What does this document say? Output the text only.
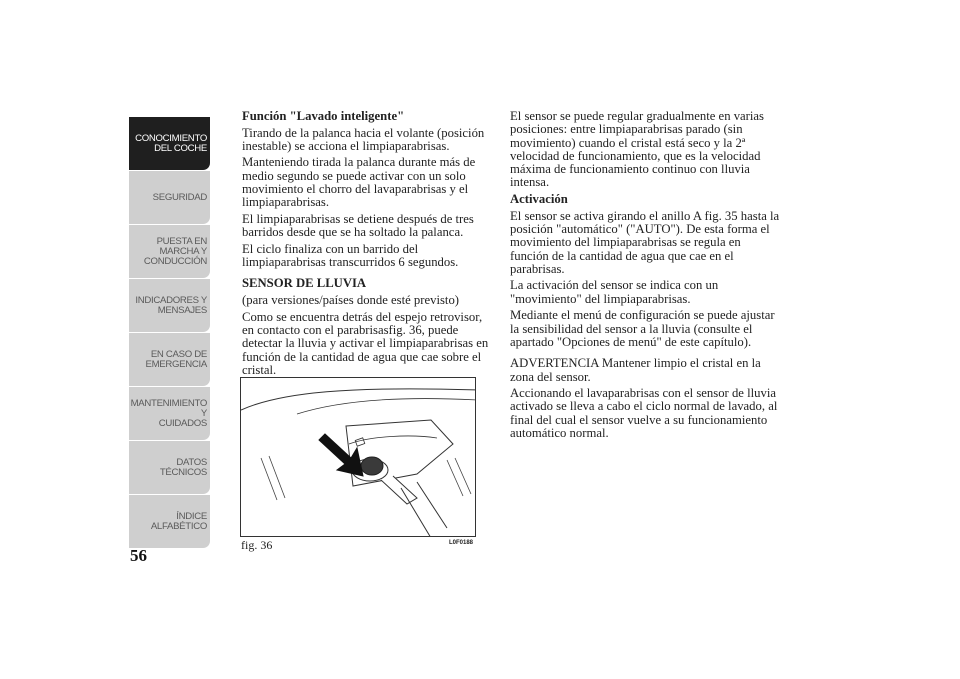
CONOCIMIENTO
DEL COCHE
SEGURIDAD
PUESTA EN
MARCHA Y
CONDUCCIÓN
INDICADORES Y
MENSAJES
EN CASO DE
EMERGENCIA
MANTENIMIENTO Y
CUIDADOS
DATOS TÉCNICOS
ÍNDICE
ALFABÉTICO
56

Función "Lavado inteligente"

Tirando de la palanca hacia el volante (posición inestable) se acciona el limpiaparabrisas.

Manteniendo tirada la palanca durante más de medio segundo se puede activar con un solo movimiento el chorro del lavaparabrisas y el limpiaparabrisas.

El limpiaparabrisas se detiene después de tres barridos desde que se ha soltado la palanca.

El ciclo finaliza con un barrido del limpiaparabrisas transcurridos 6 segundos.

SENSOR DE LLUVIA

(para versiones/países donde esté previsto)

Como se encuentra detrás del espejo retrovisor, en contacto con el parabrisasfig. 36, puede detectar la lluvia y activar el limpiaparabrisas en función de la cantidad de agua que cae sobre el cristal.

fig. 36	L0F0188

El sensor se puede regular gradualmente en varias posiciones: entre limpiaparabrisas parado (sin movimiento) cuando el cristal está seco y la 2ª velocidad de funcionamiento, que es la velocidad máxima de funcionamiento continuo con lluvia intensa.

Activación

El sensor se activa girando el anillo A fig. 35 hasta la posición "automático" ("AUTO"). De esta forma el movimiento del limpiaparabrisas se regula en función de la cantidad de agua que cae en el parabrisas.

La activación del sensor se indica con un "movimiento" del limpiaparabrisas.

Mediante el menú de configuración se puede ajustar la sensibilidad del sensor a la lluvia (consulte el apartado "Opciones de menú" de este capítulo).

ADVERTENCIA Mantener limpio el cristal en la zona del sensor.

Accionando el lavaparabrisas con el sensor de lluvia activado se lleva a cabo el ciclo normal de lavado, al final del cual el sensor vuelve a su funcionamiento automático normal.
